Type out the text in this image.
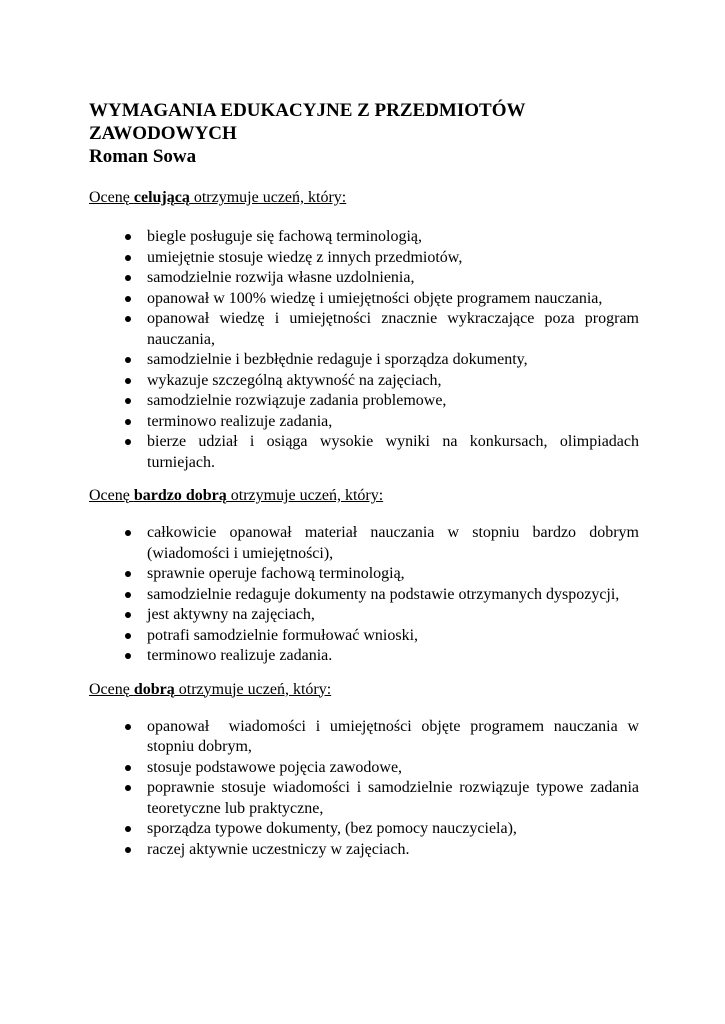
WYMAGANIA EDUKACYJNE Z PRZEDMIOTÓW ZAWODOWYCH

Roman Sowa

Ocenę celującą otrzymuje uczeń, który:

biegle posługuje się fachową terminologią,
umiejętnie stosuje wiedzę z innych przedmiotów,
samodzielnie rozwija własne uzdolnienia,
opanował w 100% wiedzę i umiejętności objęte programem nauczania,
opanował wiedzę i umiejętności znacznie wykraczające poza program nauczania,
samodzielnie i bezbłędnie redaguje i sporządza dokumenty,
wykazuje szczególną aktywność na zajęciach,
samodzielnie rozwiązuje zadania problemowe,
terminowo realizuje zadania,
bierze udział i osiąga wysokie wyniki na konkursach, olimpiadach turniejach.

Ocenę bardzo dobrą otrzymuje uczeń, który:

całkowicie opanował materiał nauczania w stopniu bardzo dobrym (wiadomości i umiejętności),
sprawnie operuje fachową terminologią,
samodzielnie redaguje dokumenty na podstawie otrzymanych dyspozycji,
jest aktywny na zajęciach,
potrafi samodzielnie formułować wnioski,
terminowo realizuje zadania.

Ocenę dobrą otrzymuje uczeń, który:

opanował  wiadomości i umiejętności objęte programem nauczania w stopniu dobrym,
stosuje podstawowe pojęcia zawodowe,
poprawnie stosuje wiadomości i samodzielnie rozwiązuje typowe zadania teoretyczne lub praktyczne,
sporządza typowe dokumenty, (bez pomocy nauczyciela),
raczej aktywnie uczestniczy w zajęciach.
